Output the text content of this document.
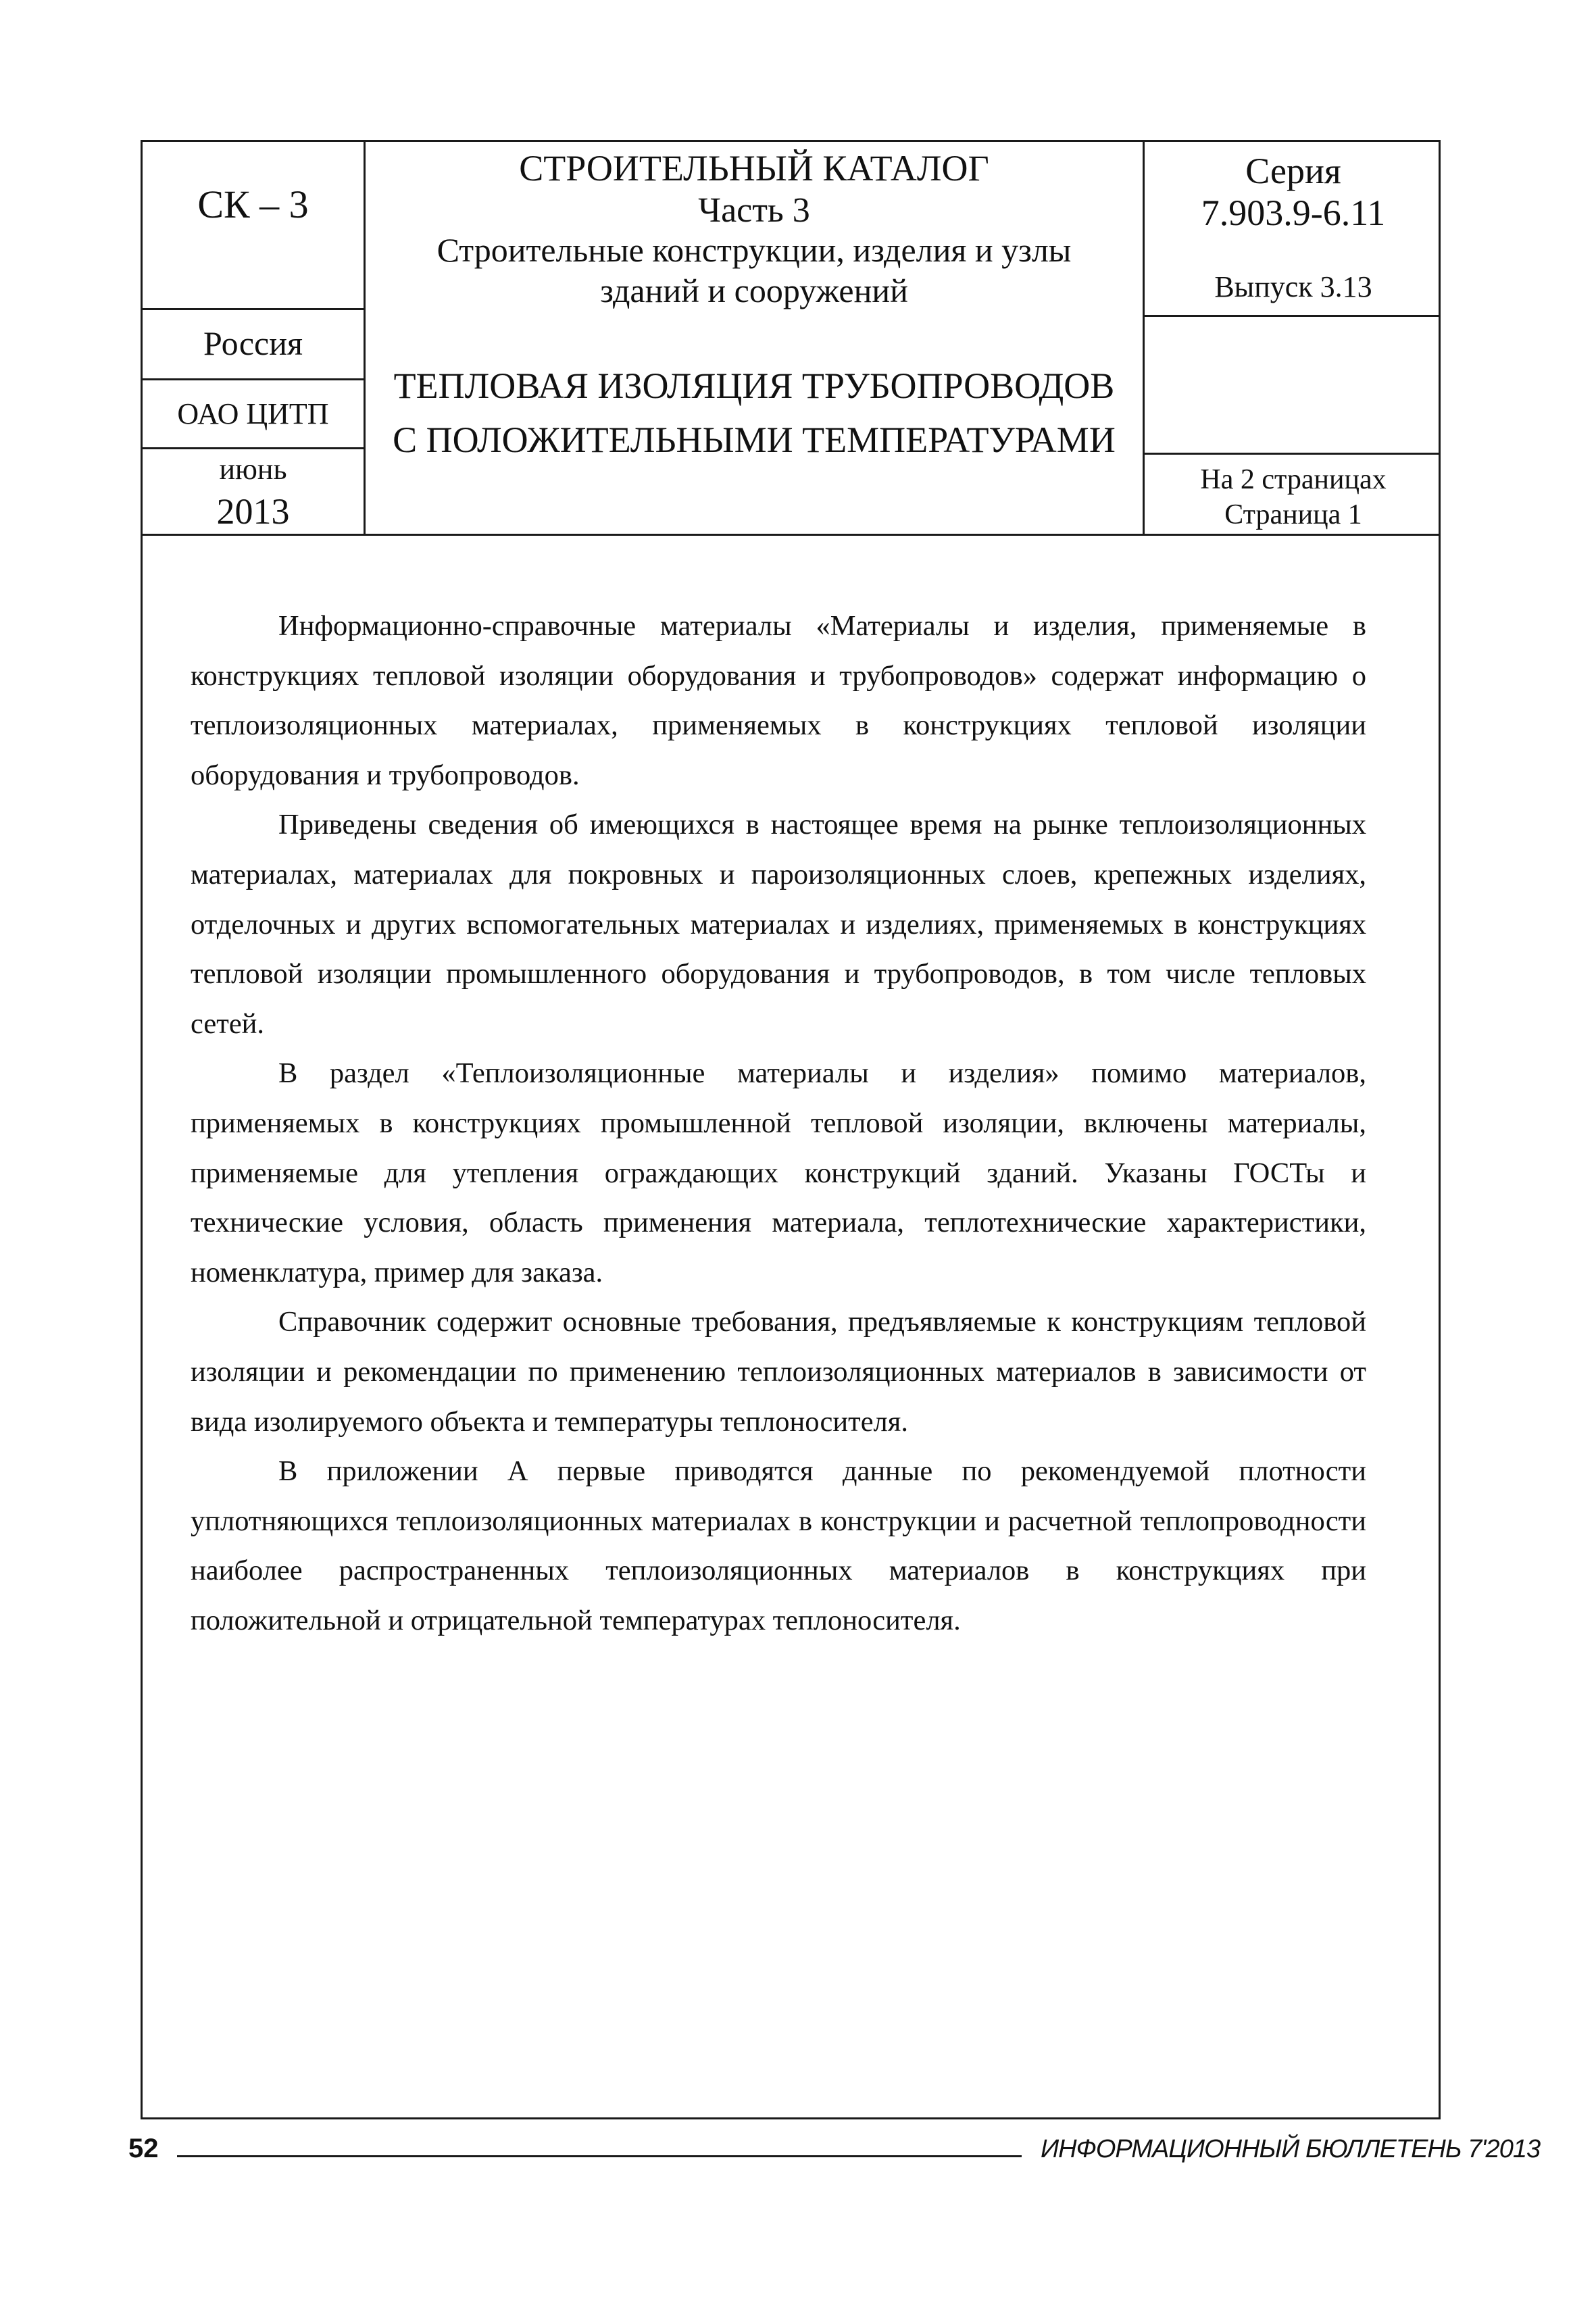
СК – 3
СТРОИТЕЛЬНЫЙ КАТАЛОГ
Часть 3
Строительные конструкции, изделия и узлы
зданий и сооружений
Серия
7.903.9-6.11
Выпуск 3.13
Россия
ОАО ЦИТП
июнь
2013
ТЕПЛОВАЯ ИЗОЛЯЦИЯ ТРУБОПРОВОДОВ
С ПОЛОЖИТЕЛЬНЫМИ ТЕМПЕРАТУРАМИ
На 2 страницах
Страница 1

Информационно-справочные материалы «Материалы и изделия, применяемые в конструкциях тепловой изоляции оборудования и трубопроводов» содержат информацию о теплоизоляционных материалах, применяемых в конструкциях тепловой изоляции оборудования и трубопроводов.

Приведены сведения об имеющихся в настоящее время на рынке теплоизоляционных материалах, материалах для покровных и пароизоляционных слоев, крепежных изделиях, отделочных и других вспомогательных материалах и изделиях, применяемых в конструкциях тепловой изоляции промышленного оборудования и трубопроводов, в том числе тепловых сетей.

В раздел «Теплоизоляционные материалы и изделия» помимо материалов, применяемых в конструкциях промышленной тепловой изоляции, включены материалы, применяемые для утепления ограждающих конструкций зданий. Указаны ГОСТы и технические условия, область применения материала, теплотехнические характеристики, номенклатура, пример для заказа.

Справочник содержит основные требования, предъявляемые к конструкциям тепловой изоляции и рекомендации по применению теплоизоляционных материалов в зависимости от вида изолируемого объекта и температуры теплоносителя.

В приложении А первые приводятся данные по рекомендуемой плотности уплотняющихся теплоизоляционных материалах в конструкции и расчетной теплопроводности наиболее распространенных теплоизоляционных материалов в конструкциях при положительной и отрицательной температурах теплоносителя.

52	ИНФОРМАЦИОННЫЙ БЮЛЛЕТЕНЬ 7'2013
